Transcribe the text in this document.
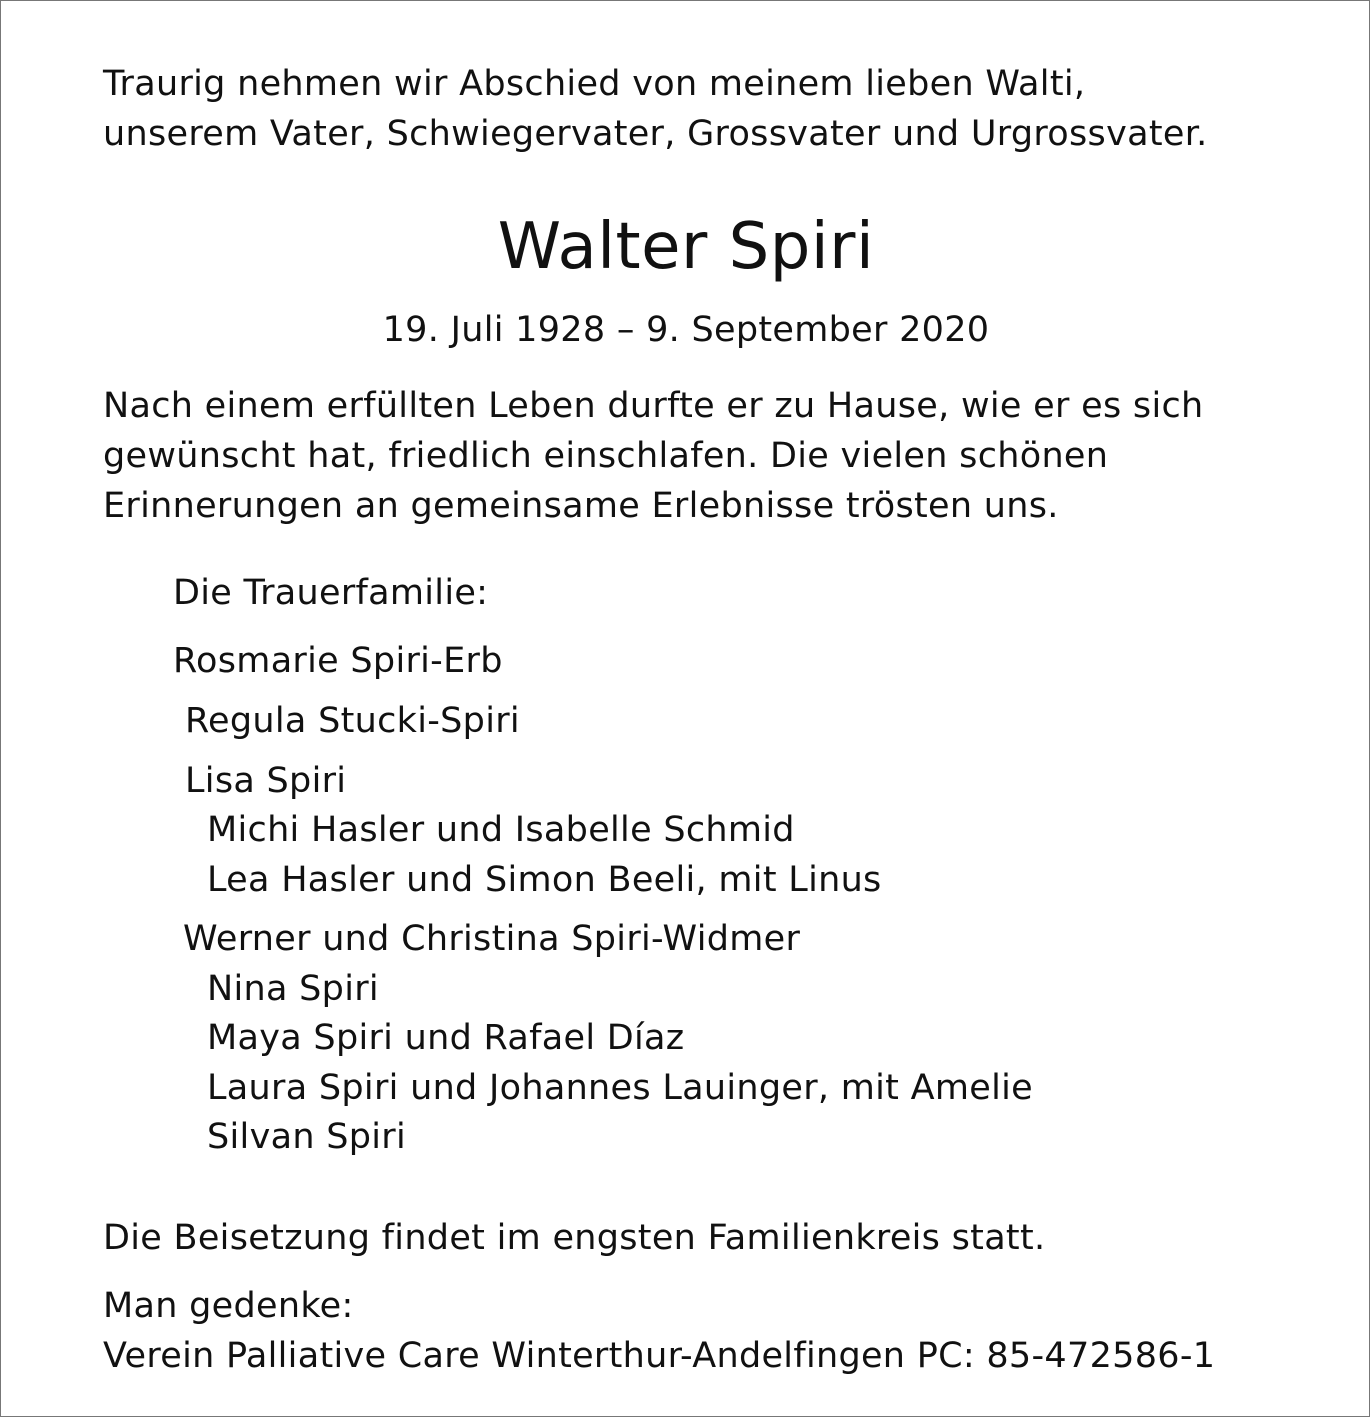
Traurig nehmen wir Abschied von meinem lieben Walti,
unserem Vater, Schwiegervater, Grossvater und Urgrossvater.
Walter Spiri
19. Juli 1928 – 9. September 2020
Nach einem erfüllten Leben durfte er zu Hause, wie er es sich
gewünscht hat, friedlich einschlafen. Die vielen schönen
Erinnerungen an gemeinsame Erlebnisse trösten uns.
Die Trauerfamilie:
Rosmarie Spiri-Erb
Regula Stucki-Spiri
Lisa Spiri
Michi Hasler und Isabelle Schmid
Lea Hasler und Simon Beeli, mit Linus
Werner und Christina Spiri-Widmer
Nina Spiri
Maya Spiri und Rafael Díaz
Laura Spiri und Johannes Lauinger, mit Amelie
Silvan Spiri
Die Beisetzung findet im engsten Familienkreis statt.
Man gedenke:
Verein Palliative Care Winterthur-Andelfingen PC: 85-472586-1
